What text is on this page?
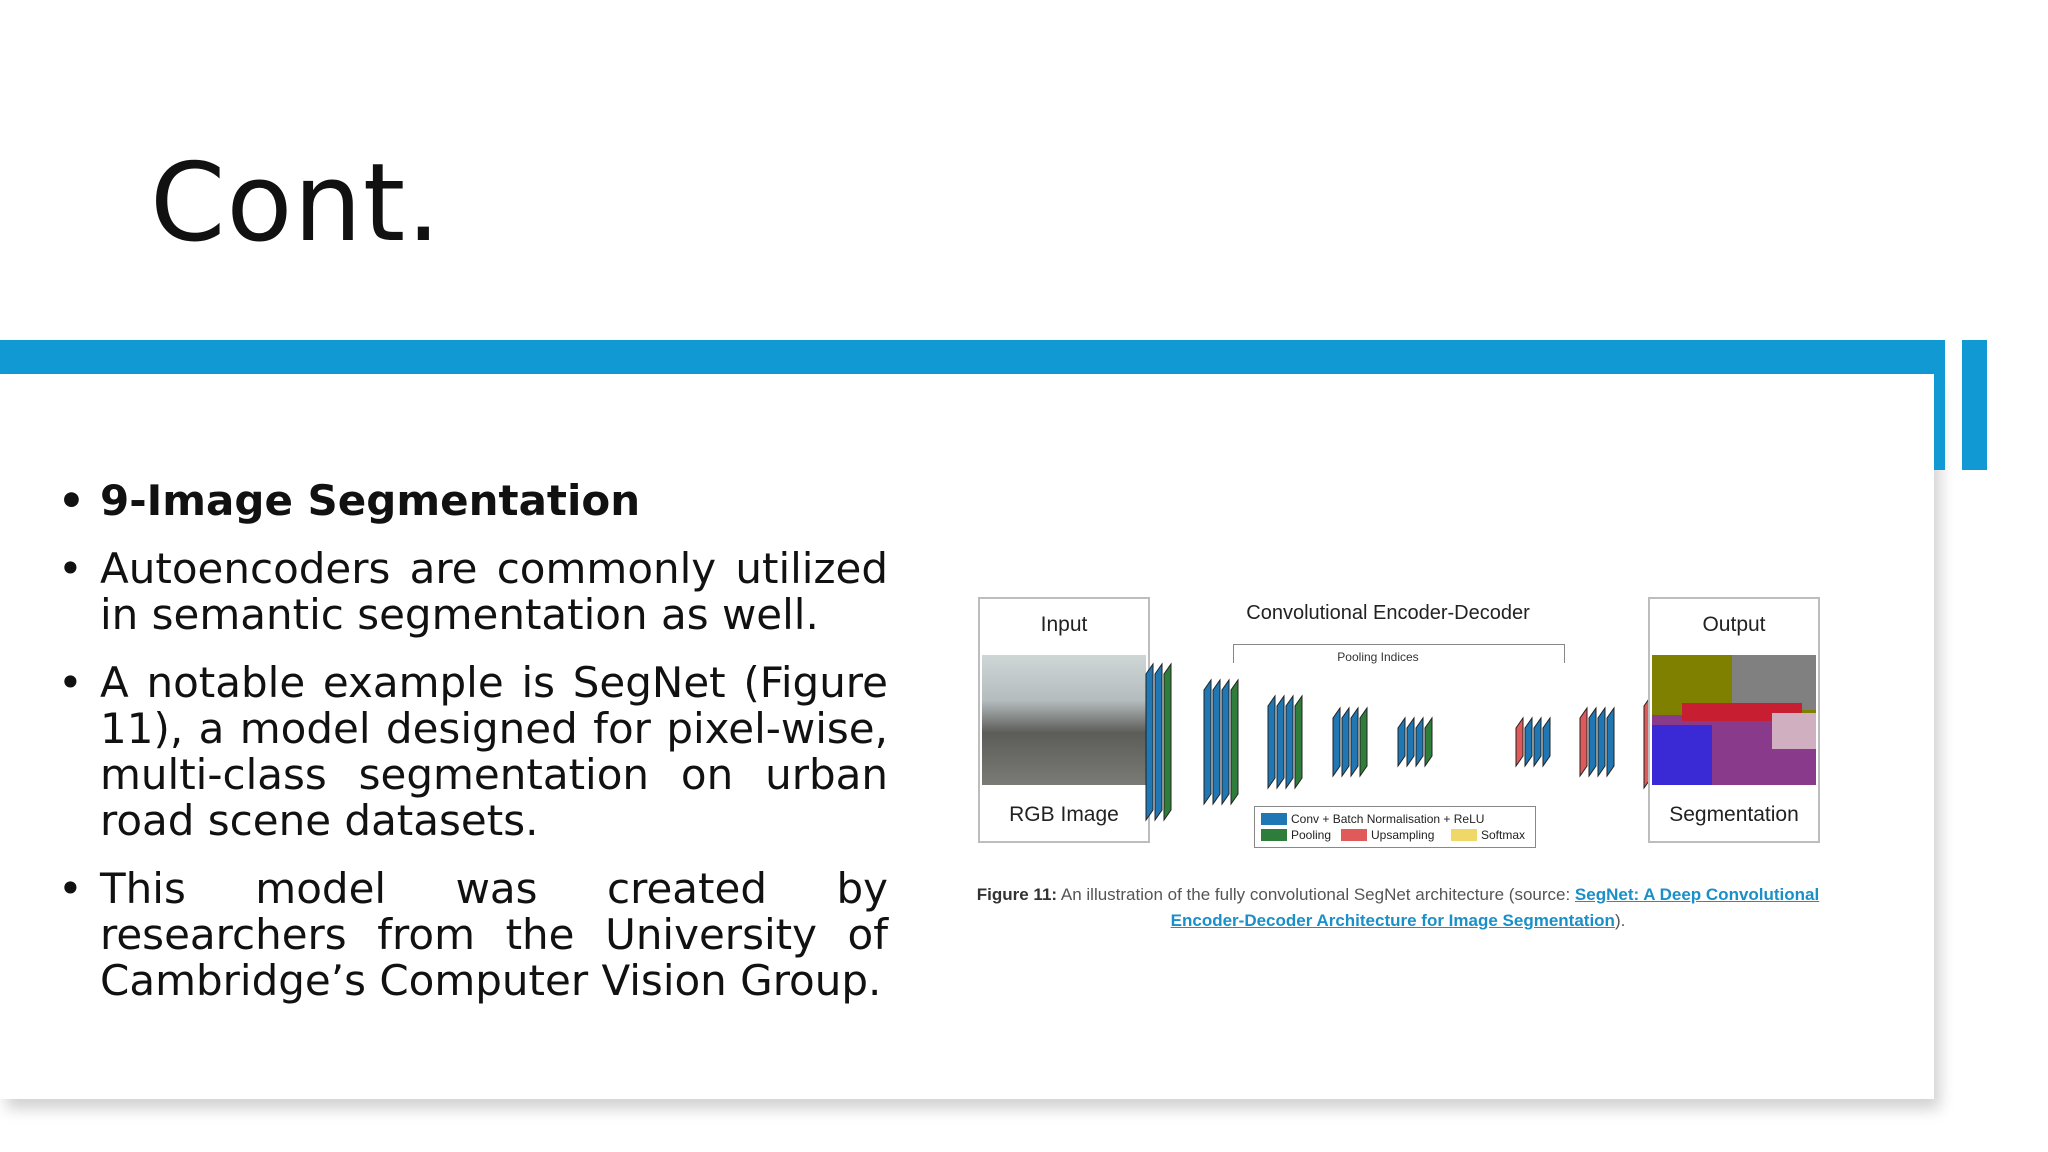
Cont.
• 9-Image Segmentation
• Autoencoders are commonly utilized in semantic segmentation as well.
• A notable example is SegNet (Figure 11), a model designed for pixel-wise, multi-class segmentation on urban road scene datasets.
• This model was created by researchers from the University of Cambridge’s Computer Vision Group.
Input
RGB Image
Convolutional Encoder-Decoder
Pooling Indices
Conv + Batch Normalisation + ReLU
Pooling	Upsampling	Softmax
Output
Segmentation
Figure 11: An illustration of the fully convolutional SegNet architecture (source: SegNet: A Deep Convolutional Encoder-Decoder Architecture for Image Segmentation).
